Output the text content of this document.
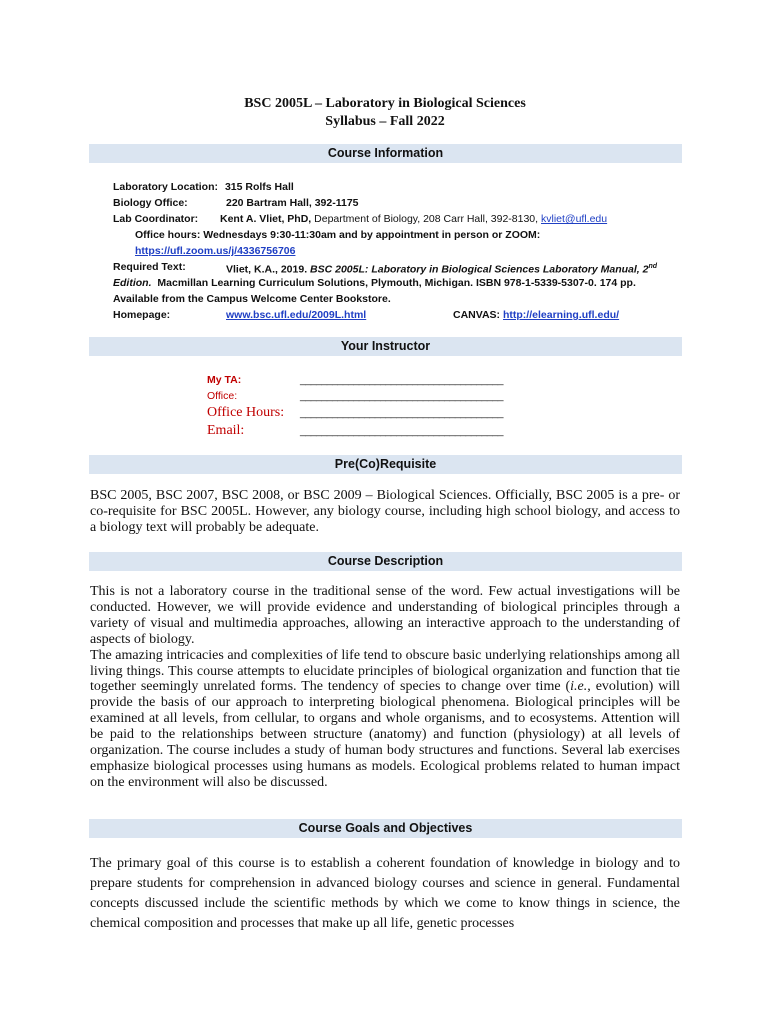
BSC 2005L – Laboratory in Biological Sciences
Syllabus – Fall 2022
Course Information
Laboratory Location: 315 Rolfs Hall
Biology Office:	220 Bartram Hall, 392-1175
Lab Coordinator: Kent A. Vliet, PhD, Department of Biology, 208 Carr Hall, 392-8130, kvliet@ufl.edu
Office hours: Wednesdays 9:30-11:30am and by appointment in person or ZOOM:
https://ufl.zoom.us/j/4336756706
Required Text:	Vliet, K.A., 2019. BSC 2005L: Laboratory in Biological Sciences Laboratory Manual, 2nd
Edition. Macmillan Learning Curriculum Solutions, Plymouth, Michigan. ISBN 978-1-5339-5307-0. 174 pp.
Available from the Campus Welcome Center Bookstore.
Homepage:	www.bsc.ufl.edu/2009L.html	CANVAS: http://elearning.ufl.edu/
Your Instructor
My TA:	______________________________________
Office:	______________________________________
Office Hours: ______________________________________
Email:	______________________________________
Pre(Co)Requisite

BSC 2005, BSC 2007, BSC 2008, or BSC 2009 – Biological Sciences. Officially, BSC 2005 is a pre- or co-requisite for BSC 2005L. However, any biology course, including high school biology, and access to a biology text will probably be adequate.

Course Description

This is not a laboratory course in the traditional sense of the word. Few actual investigations will be conducted. However, we will provide evidence and understanding of biological principles through a variety of visual and multimedia approaches, allowing an interactive approach to the understanding of aspects of biology.

The amazing intricacies and complexities of life tend to obscure basic underlying relationships among all living things. This course attempts to elucidate principles of biological organization and function that tie together seemingly unrelated forms. The tendency of species to change over time (i.e., evolution) will provide the basis of our approach to interpreting biological phenomena. Biological principles will be examined at all levels, from cellular, to organs and whole organisms, and to ecosystems. Attention will be paid to the relationships between structure (anatomy) and function (physiology) at all levels of organization. The course includes a study of human body structures and functions. Several lab exercises emphasize biological processes using humans as models. Ecological problems related to human impact on the environment will also be discussed.

Course Goals and Objectives

The primary goal of this course is to establish a coherent foundation of knowledge in biology and to prepare students for comprehension in advanced biology courses and science in general. Fundamental concepts discussed include the scientific methods by which we come to know things in science, the chemical composition and processes that make up all life, genetic processes
